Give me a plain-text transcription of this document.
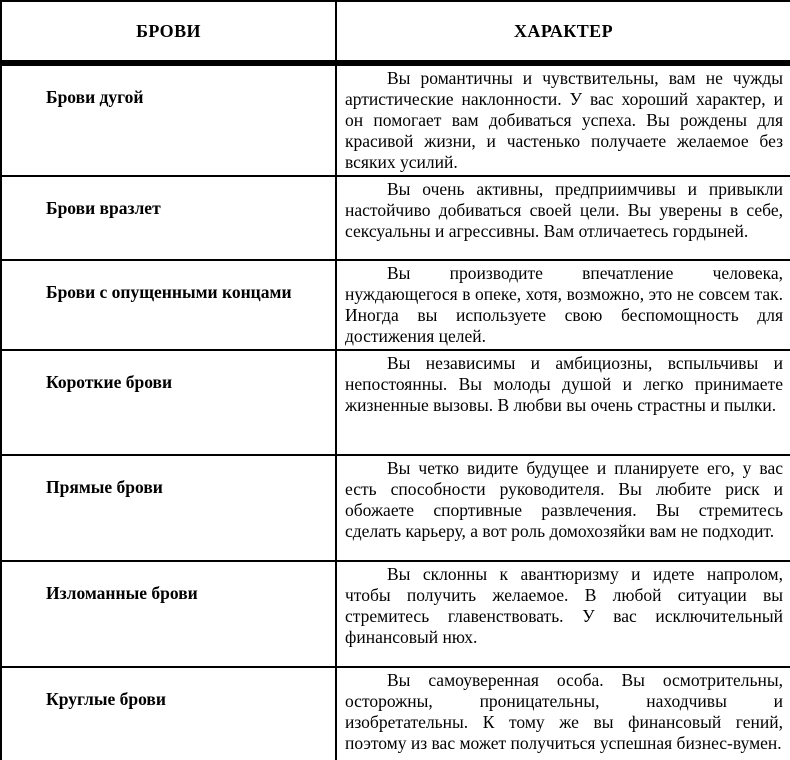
БРОВИ	ХАРАКТЕР
Брови дугой	Вы романтичны и чувствительны, вам не чужды артистические наклонности. У вас хороший характер, и он помогает вам добиваться успеха. Вы рождены для красивой жизни, и частенько получаете желаемое без всяких усилий.
Брови вразлет	Вы очень активны, предприимчивы и привыкли настойчиво добиваться своей цели. Вы уверены в себе, сексуальны и агрессивны. Вам отличаетесь гордыней.
Брови с опущенными концами	Вы производите впечатление человека, нуждающегося в опеке, хотя, возможно, это не совсем так. Иногда вы используете свою беспомощность для достижения целей.
Короткие брови	Вы независимы и амбициозны, вспыльчивы и непостоянны. Вы молоды душой и легко принимаете жизненные вызовы. В любви вы очень страстны и пылки.
Прямые брови	Вы четко видите будущее и планируете его, у вас есть способности руководителя. Вы любите риск и обожаете спортивные развлечения. Вы стремитесь сделать карьеру, а вот роль домохозяйки вам не подходит.
Изломанные брови	Вы склонны к авантюризму и идете напролом, чтобы получить желаемое. В любой ситуации вы стремитесь главенствовать. У вас исключительный финансовый нюх.
Круглые брови	Вы самоуверенная особа. Вы осмотрительны, осторожны, проницательны, находчивы и изобретательны. К тому же вы финансовый гений, поэтому из вас может получиться успешная бизнес-вумен.
